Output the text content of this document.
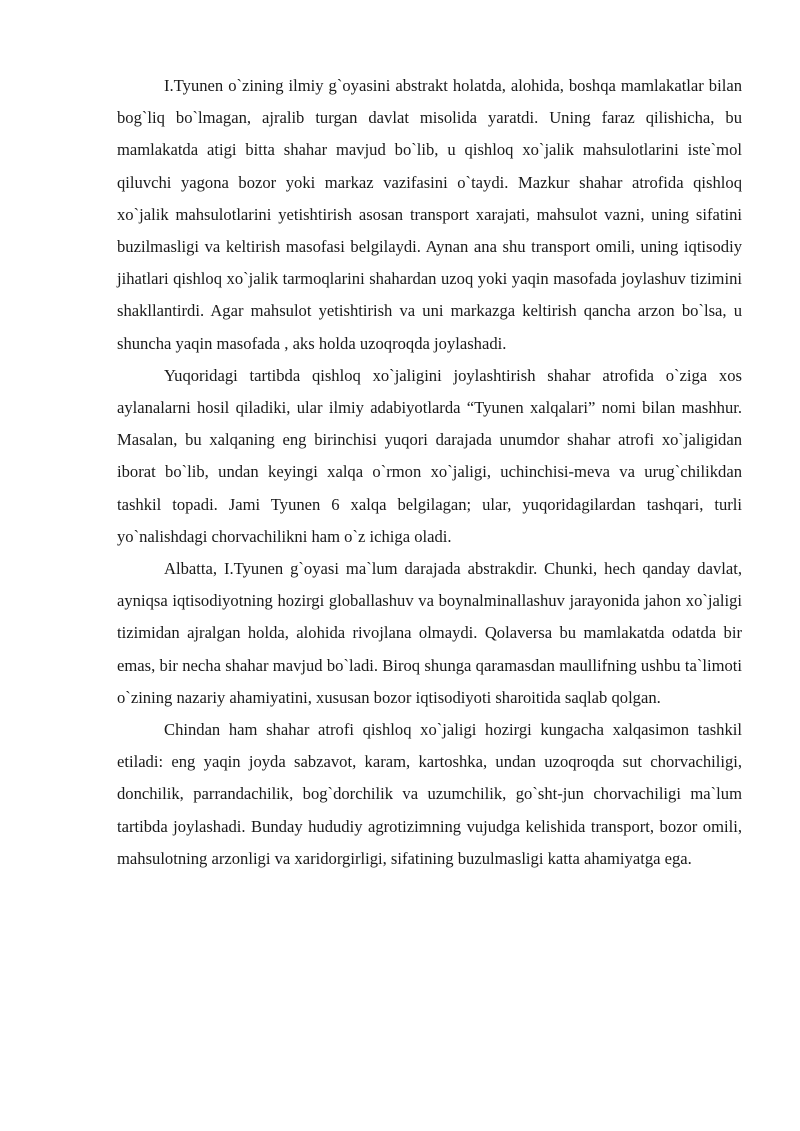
I.Tyunen o`zining ilmiy g`oyasini abstrakt holatda, alohida, boshqa mamlakatlar bilan bog`liq bo`lmagan, ajralib turgan davlat misolida yaratdi. Uning faraz qilishicha, bu mamlakatda atigi bitta shahar mavjud bo`lib, u qishloq xo`jalik mahsulotlarini iste`mol qiluvchi yagona bozor yoki markaz vazifasini o`taydi. Mazkur shahar atrofida qishloq xo`jalik mahsulotlarini yetishtirish asosan transport xarajati, mahsulot vazni, uning sifatini buzilmasligi va keltirish masofasi belgilaydi. Aynan ana shu transport omili, uning iqtisodiy jihatlari qishloq xo`jalik tarmoqlarini shahardan uzoq yoki yaqin masofada joylashuv tizimini shakllantirdi. Agar mahsulot yetishtirish va uni markazga keltirish qancha arzon bo`lsa, u shuncha yaqin masofada , aks holda uzoqroqda joylashadi.

Yuqoridagi tartibda qishloq xo`jaligini joylashtirish shahar atrofida o`ziga xos aylanalarni hosil qiladiki, ular ilmiy adabiyotlarda “Tyunen xalqalari” nomi bilan mashhur. Masalan, bu xalqaning eng birinchisi yuqori darajada unumdor shahar atrofi xo`jaligidan iborat bo`lib, undan keyingi xalqa o`rmon xo`jaligi, uchinchisi-meva va urug`chilikdan tashkil topadi. Jami Tyunen 6 xalqa belgilagan; ular, yuqoridagilardan tashqari, turli yo`nalishdagi chorvachilikni ham o`z ichiga oladi.

Albatta, I.Tyunen g`oyasi ma`lum darajada abstrakdir. Chunki, hech qanday davlat, ayniqsa iqtisodiyotning hozirgi globallashuv va boynalminallashuv jarayonida jahon xo`jaligi tizimidan ajralgan holda, alohida rivojlana olmaydi. Qolaversa bu mamlakatda odatda bir emas, bir necha shahar mavjud bo`ladi. Biroq shunga qaramasdan maullifning ushbu ta`limoti o`zining nazariy ahamiyatini, xususan bozor iqtisodiyoti sharoitida saqlab qolgan.

Chindan ham shahar atrofi qishloq xo`jaligi hozirgi kungacha xalqasimon tashkil etiladi: eng yaqin joyda sabzavot, karam, kartoshka, undan uzoqroqda sut chorvachiligi, donchilik, parrandachilik, bog`dorchilik va uzumchilik, go`sht-jun chorvachiligi ma`lum tartibda joylashadi. Bunday hududiy agrotizimning vujudga kelishida transport, bozor omili, mahsulotning arzonligi va xaridorgirligi, sifatining buzulmasligi katta ahamiyatga ega.
